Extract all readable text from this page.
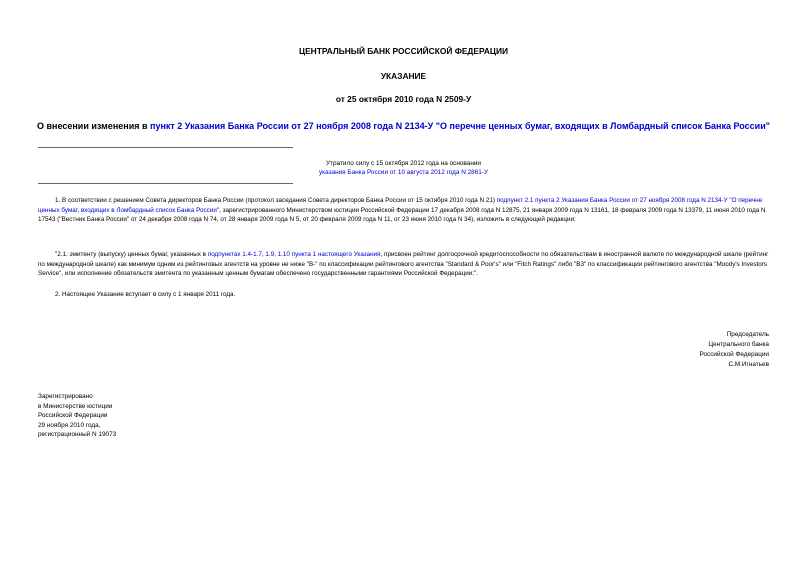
ЦЕНТРАЛЬНЫЙ БАНК РОССИЙСКОЙ ФЕДЕРАЦИИ
УКАЗАНИЕ
от 25 октября 2010 года N 2509-У
О внесении изменения в пункт 2 Указания Банка России от 27 ноября 2008 года N 2134-У "О перечне ценных бумаг, входящих в Ломбардный список Банка России"
Утратило силу с 15 октября 2012 года на основании
указания Банка России от 10 августа 2012 года N 2861-У
1. В соответствии с решением Совета директоров Банка России (протокол заседания Совета директоров Банка России от 15 октября 2010 года N 21) подпункт 2.1 пункта 2 Указания Банка России от 27 ноября 2008 года N 2134-У "О перечне ценных бумаг, входящих в Ломбардный список Банка России", зарегистрированного Министерством юстиции Российской Федерации 17 декабря 2008 года N 12875, 21 января 2009 года N 13161, 18 февраля 2009 года N 13379, 11 июня 2010 года N 17543 ("Вестник Банка России" от 24 декабря 2008 года N 74, от 28 января 2009 года N 5, от 20 февраля 2009 года N 11, от 23 июня 2010 года N 34), изложить в следующей редакции:
"2.1. эмитенту (выпуску) ценных бумаг, указанных в подпунктах 1.4-1.7, 1.9, 1.10 пункта 1 настоящего Указания, присвоен рейтинг долгосрочной кредитоспособности по обязательствам в иностранной валюте по международной шкале (рейтинг по международной шкале) как минимум одним из рейтинговых агентств на уровне не ниже "B-" по классификации рейтингового агентства "Standard & Poor's" или "Fitch Ratings" либо "B3" по классификации рейтингового агентства "Moody's Investors Service", или исполнение обязательств эмитента по указанным ценным бумагам обеспечено государственными гарантиями Российской Федерации;".
2. Настоящее Указание вступает в силу с 1 января 2011 года.
Председатель
Центрального банка
Российской Федерации
С.М.Игнатьев
Зарегистрировано
в Министерстве юстиции
Российской Федерации
29 ноября 2010 года,
регистрационный N 19073
